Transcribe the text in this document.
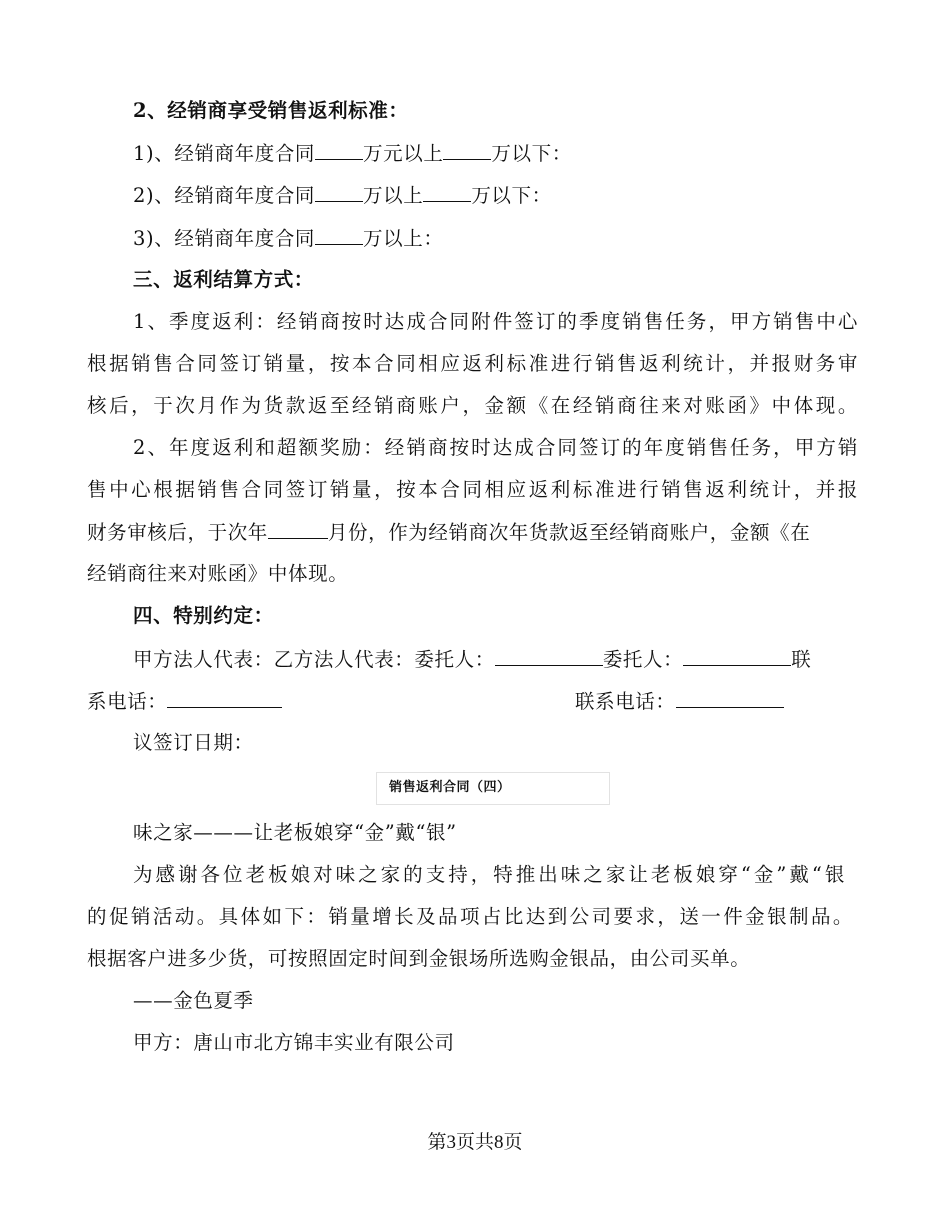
2、经销商享受销售返利标准：

1)、经销商年度合同 万元以上 万以下：

2)、经销商年度合同 万以上 万以下：

3)、经销商年度合同 万以上：

三、返利结算方式：

1、季度返利：经销商按时达成合同附件签订的季度销售任务，甲方销售中心

根据销售合同签订销量，按本合同相应返利标准进行销售返利统计，并报财务审

核后，于次月作为货款返至经销商账户，金额《在经销商往来对账函》中体现。

2、年度返利和超额奖励：经销商按时达成合同签订的年度销售任务，甲方销

售中心根据销售合同签订销量，按本合同相应返利标准进行销售返利统计，并报

财务审核后，于次年	月份，作为经销商次年货款返至经销商账户，金额《在

经销商往来对账函》中体现。

四、特别约定：

甲方法人代表：乙方法人代表：委托人：	委托人：	联

系电话：	联系电话：

议签订日期：

销售返利合同（四）

味之家———让老板娘穿“金”戴“银”

为感谢各位老板娘对味之家的支持，特推出味之家让老板娘穿“金”戴“银

的促销活动。具体如下：销量增长及品项占比达到公司要求，送一件金银制品。

根据客户进多少货，可按照固定时间到金银场所选购金银品，由公司买单。

——金色夏季

甲方：唐山市北方锦丰实业有限公司

第3页共8页
